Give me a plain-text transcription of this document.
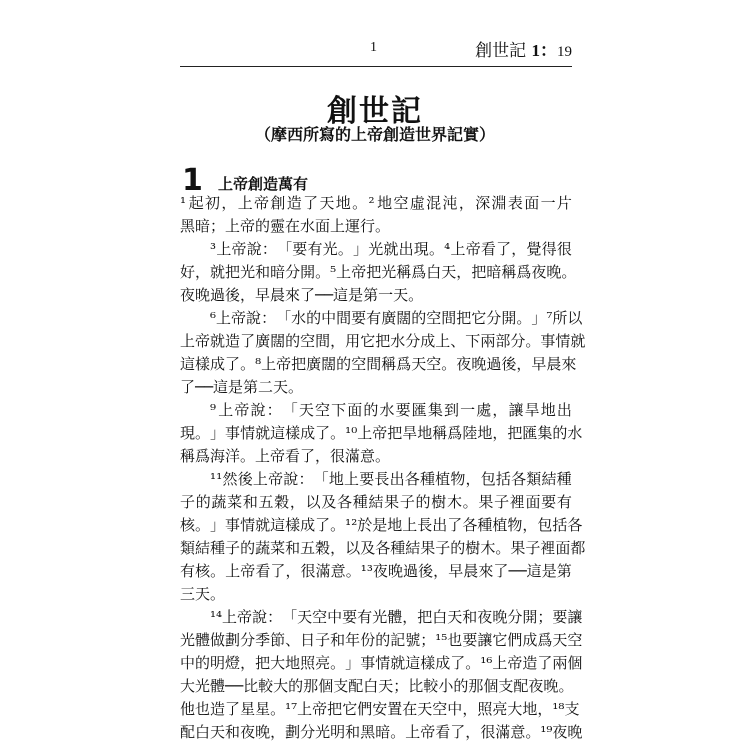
1	創世記 1：19
創世記
（摩西所寫的上帝創造世界記實）
1 上帝創造萬有
¹ 起 初 ， 上 帝 創 造 了 天 地 。 ² 地 空 虛 混 沌 ， 深 淵 表 面 一 片
黑暗；上帝的靈在水面上運行。
³ 上 帝 說 ： 「 要 有 光 。 」 光 就 出 現 。 ⁴ 上 帝 看 了 ， 覺 得 很
好 ， 就 把 光 和 暗 分 開 。 ⁵ 上 帝 把 光 稱 爲 白 天 ， 把 暗 稱 爲 夜 晚 。
夜晚過後，早晨來了──這是第一天。
⁶ 上 帝 說 ： 「 水 的 中 間 要 有 廣 闊 的 空 間 把 它 分 開 。 」 ⁷ 所 以
上 帝 就 造 了 廣 闊 的 空 間 ， 用 它 把 水 分 成 上 、 下 兩 部 分 。 事 情 就
這 樣 成 了 。 ⁸ 上 帝 把 廣 闊 的 空 間 稱 爲 天 空 。 夜 晚 過 後 ， 早 晨 來
了──這是第二天。
⁹ 上 帝 說 ： 「 天 空 下 面 的 水 要 匯 集 到 一 處 ， 讓 旱 地 出
現 。 」 事 情 就 這 樣 成 了 。 ¹ ⁰ 上 帝 把 旱 地 稱 爲 陸 地 ， 把 匯 集 的 水
稱爲海洋。上帝看了，很滿意。
¹ ¹ 然 後 上 帝 說 ： 「 地 上 要 長 出 各 種 植 物 ， 包 括 各 類 結 種
子 的 蔬 菜 和 五 穀 ， 以 及 各 種 結 果 子 的 樹 木 。 果 子 裡 面 要 有
核 。 」 事 情 就 這 樣 成 了 。 ¹ ² 於 是 地 上 長 出 了 各 種 植 物 ， 包 括 各
類 結 種 子 的 蔬 菜 和 五 穀 ， 以 及 各 種 結 果 子 的 樹 木 。 果 子 裡 面 都
有 核 。 上 帝 看 了 ， 很 滿 意 。 ¹ ³ 夜 晚 過 後 ， 早 晨 來 了 ─ ─ 這 是 第
三天。
¹ ⁴ 上 帝 說 ： 「 天 空 中 要 有 光 體 ， 把 白 天 和 夜 晚 分 開 ； 要 讓
光 體 做 劃 分 季 節 、 日 子 和 年 份 的 記 號 ； ¹ ⁵ 也 要 讓 它 們 成 爲 天 空
中 的 明 燈 ， 把 大 地 照 亮 。 」 事 情 就 這 樣 成 了 。 ¹ ⁶ 上 帝 造 了 兩 個
大 光 體 ─ ─ 比 較 大 的 那 個 支 配 白 天 ； 比 較 小 的 那 個 支 配 夜 晚 。
他 也 造 了 星 星 。 ¹ ⁷ 上 帝 把 它 們 安 置 在 天 空 中 ， 照 亮 大 地 ， ¹ ⁸ 支
配 白 天 和 夜 晚 ， 劃 分 光 明 和 黑 暗 。 上 帝 看 了 ， 很 滿 意 。 ¹ ⁹ 夜 晚
